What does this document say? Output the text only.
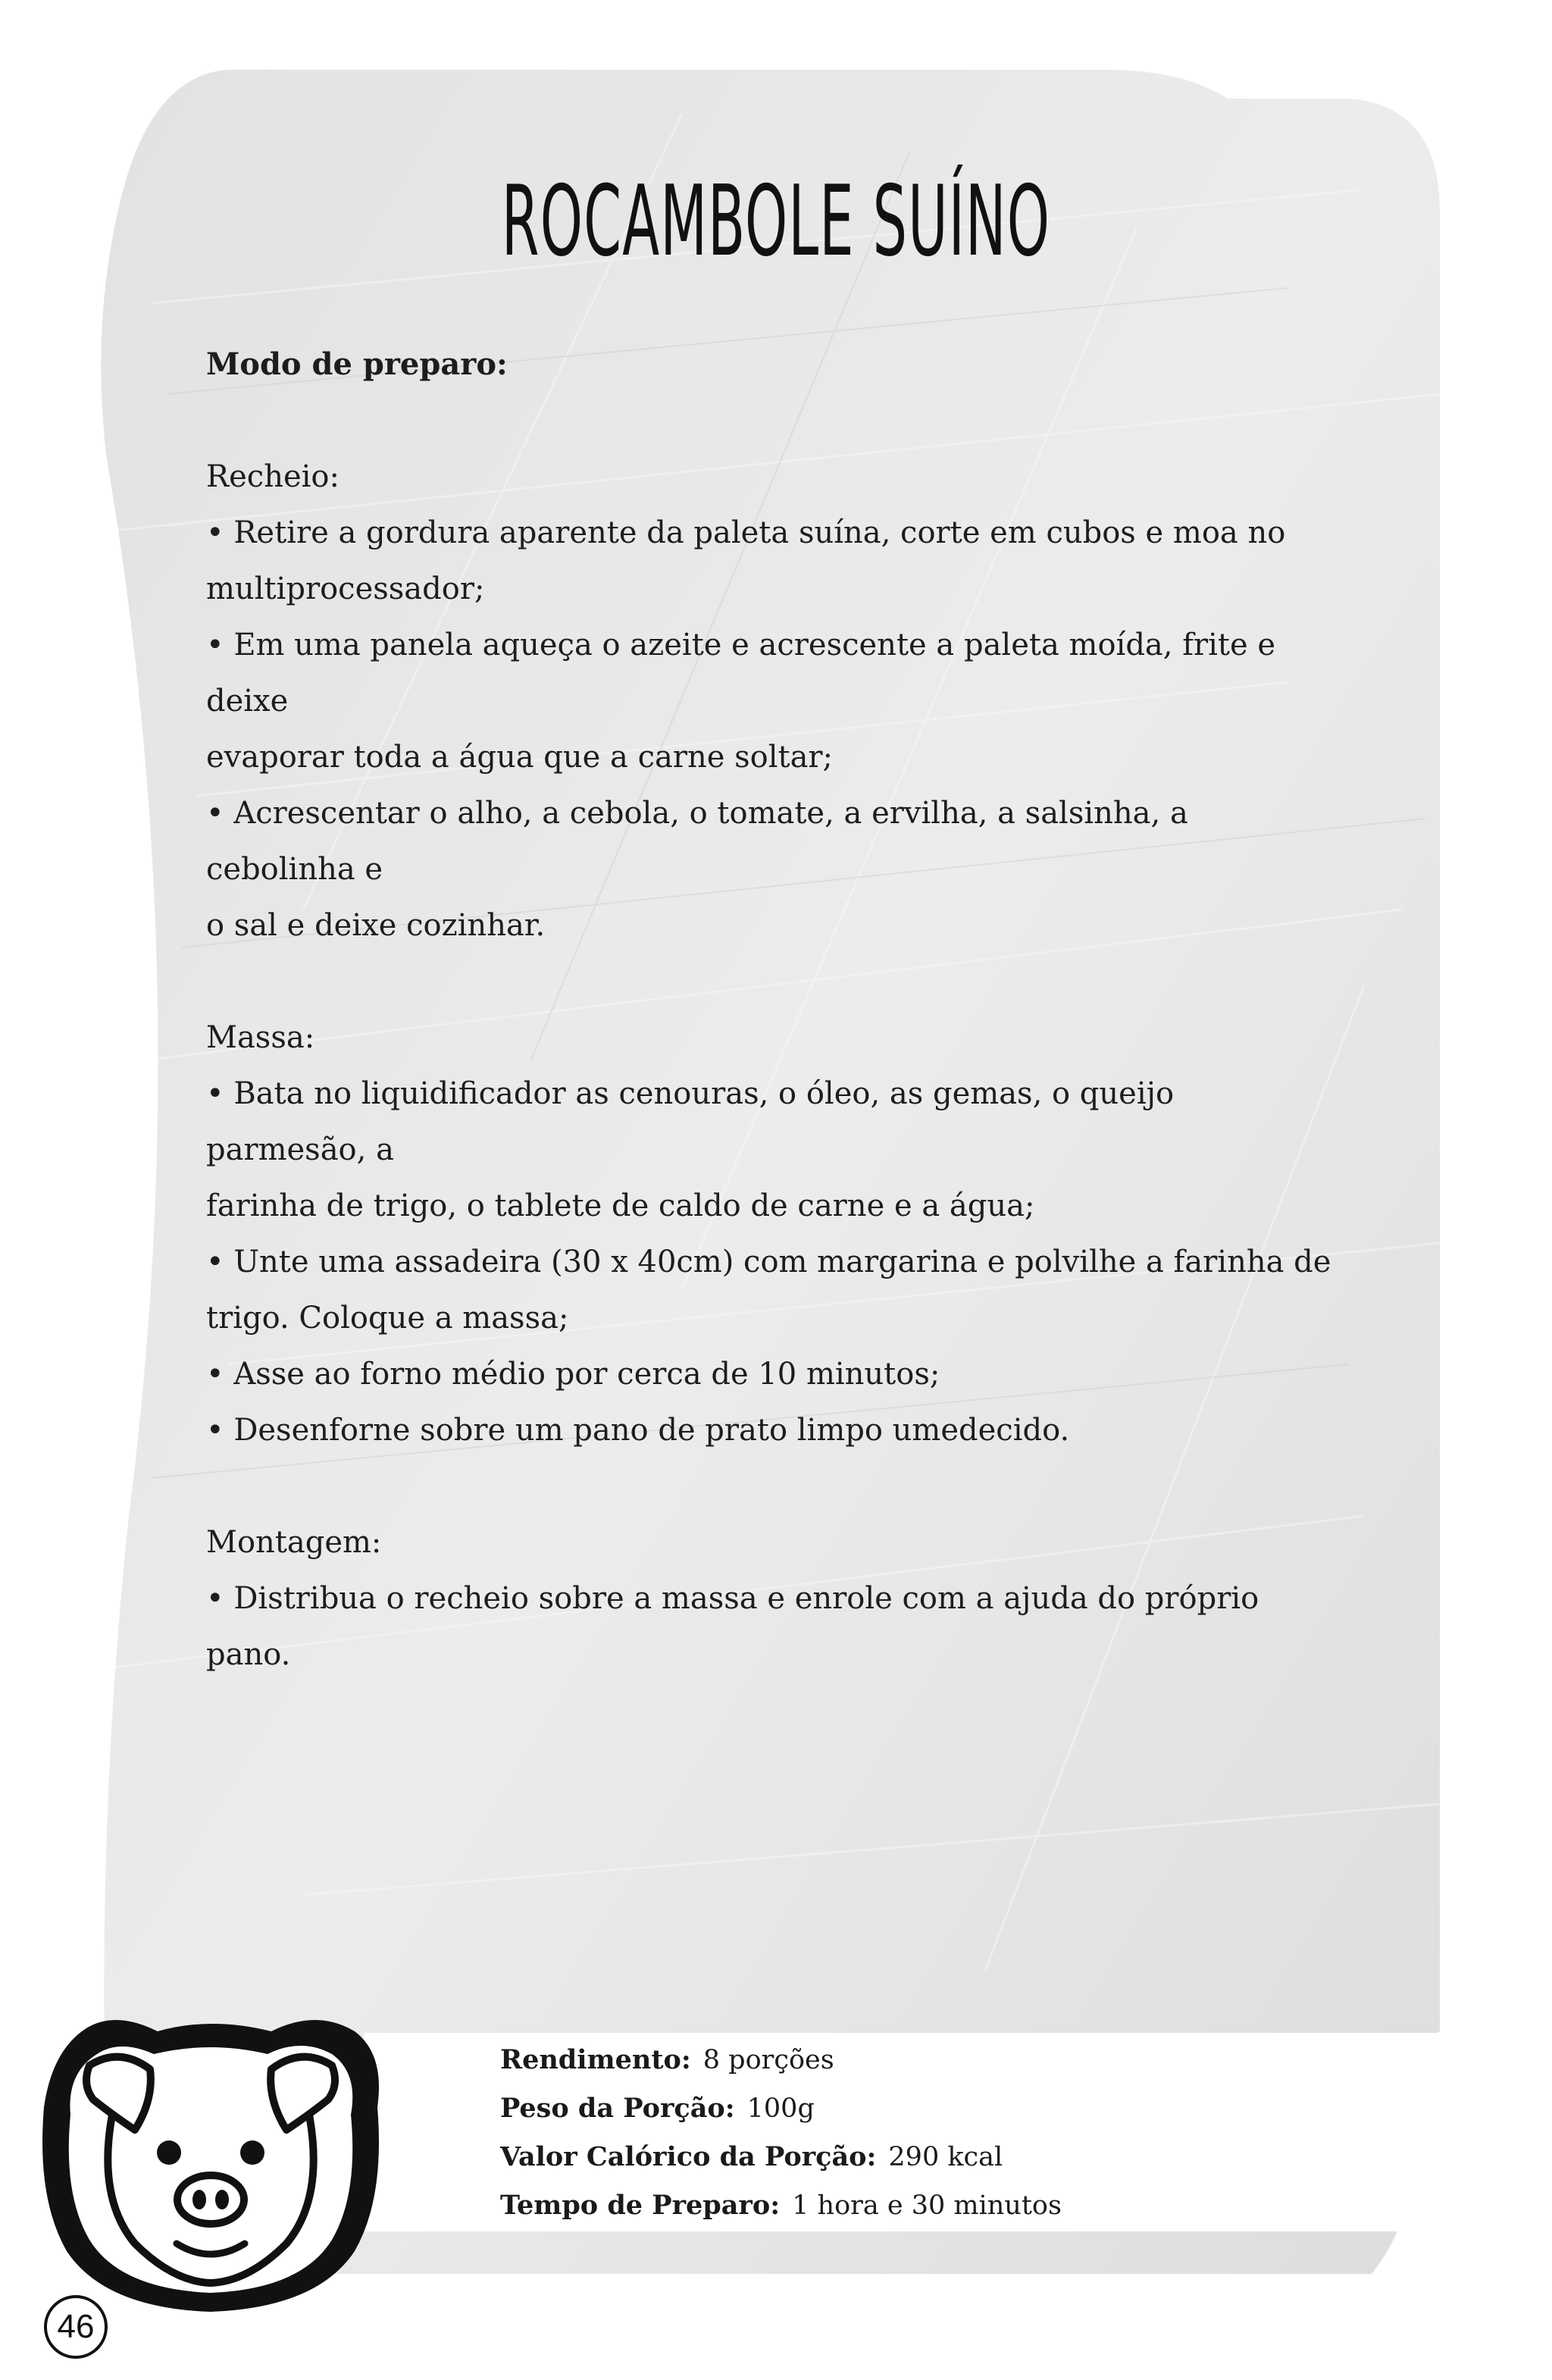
ROCAMBOLE SUÍNO

Modo de preparo:

Recheio:

• Retire a gordura aparente da paleta suína, corte em cubos e moa no

multiprocessador;

• Em uma panela aqueça o azeite e acrescente a paleta moída, frite e deixe

evaporar toda a água que a carne soltar;

• Acrescentar o alho, a cebola, o tomate, a ervilha, a salsinha, a cebolinha e

o sal e deixe cozinhar.

Massa:

• Bata no liquidificador as cenouras, o óleo, as gemas, o queijo parmesão, a

farinha de trigo, o tablete de caldo de carne e a água;

• Unte uma assadeira (30 x 40cm) com margarina e polvilhe a farinha de

trigo. Coloque a massa;

• Asse ao forno médio por cerca de 10 minutos;

• Desenforne sobre um pano de prato limpo umedecido.

Montagem:

• Distribua o recheio sobre a massa e enrole com a ajuda do próprio pano.

Rendimento: 8 porções
Peso da Porção: 100g
Valor Calórico da Porção: 290 kcal
Tempo de Preparo: 1 hora e 30 minutos
46
